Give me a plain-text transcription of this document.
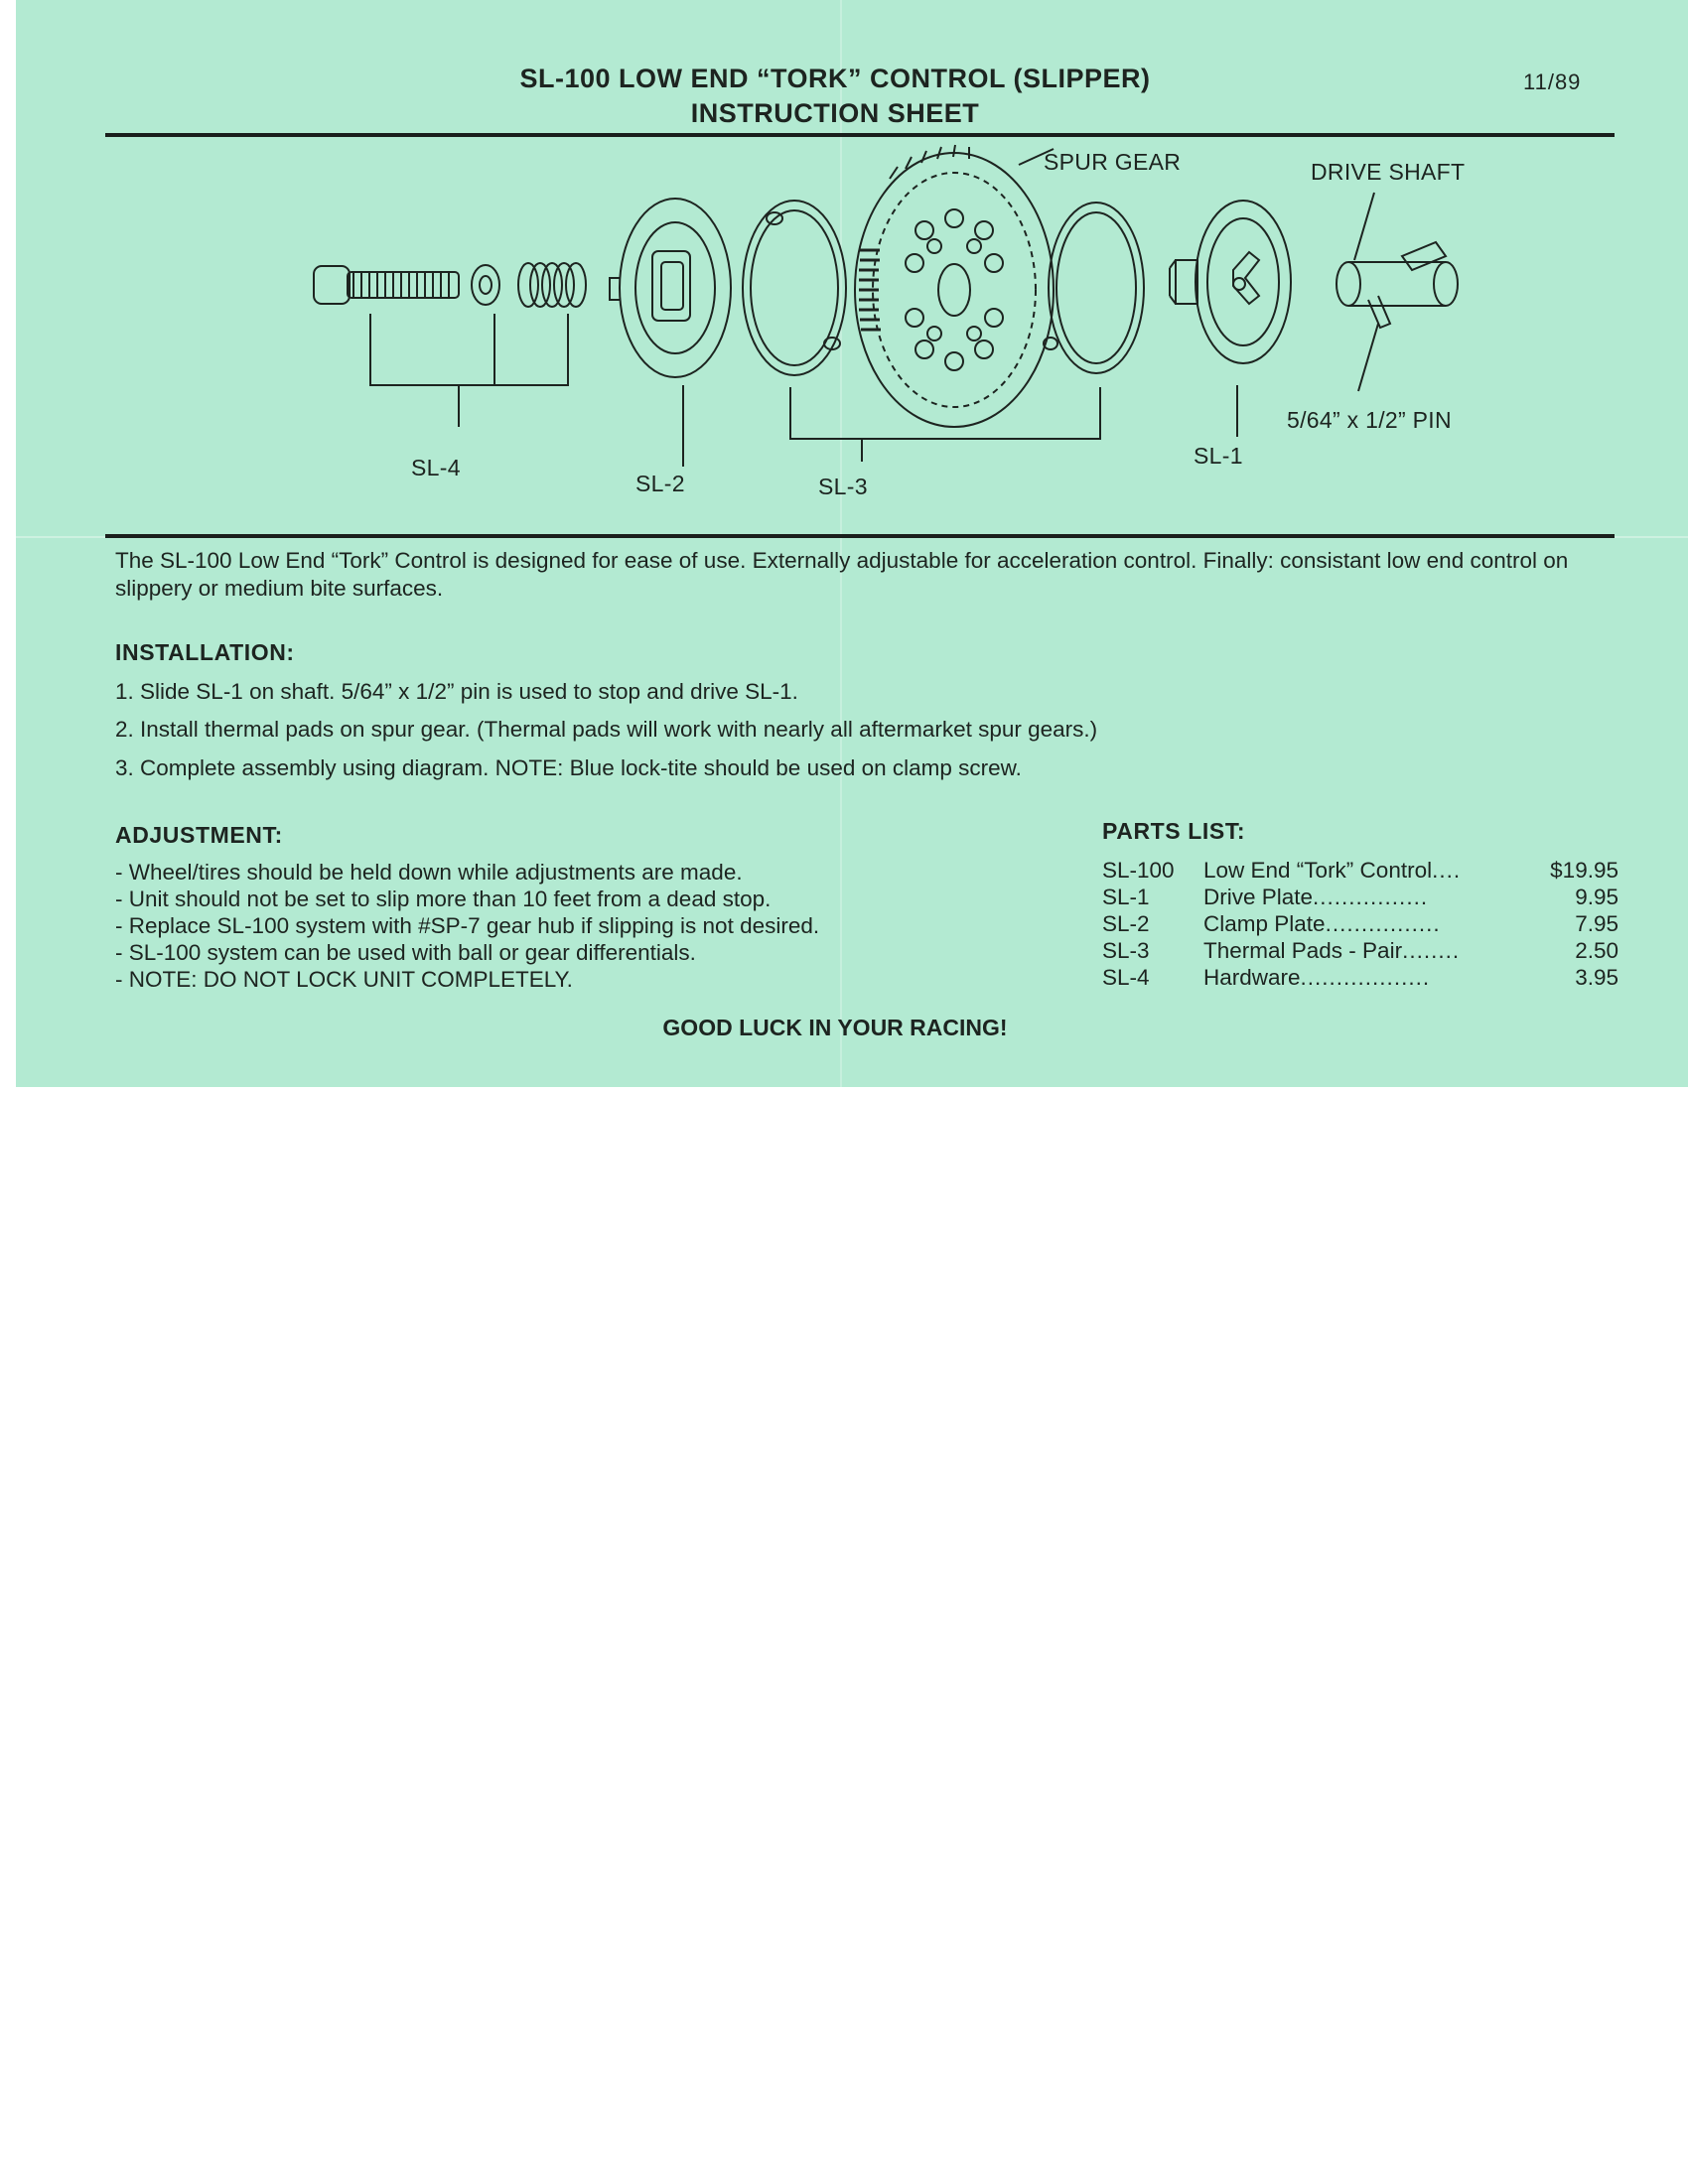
SL-100 LOW END “TORK” CONTROL (SLIPPER)
INSTRUCTION SHEET
11/89
SPUR GEAR	DRIVE SHAFT
5/64” x 1/2” PIN
SL-4
SL-2	SL-3
SL-1

The SL-100 Low End “Tork” Control is designed for ease of use. Externally adjustable for acceleration control. Finally: consistant low end control on slippery or medium bite surfaces.

INSTALLATION:
1. Slide SL-1 on shaft. 5/64” x 1/2” pin is used to stop and drive SL-1.
2. Install thermal pads on spur gear. (Thermal pads will work with nearly all aftermarket spur gears.)
3. Complete assembly using diagram. NOTE: Blue lock-tite should be used on clamp screw.
ADJUSTMENT:
- Wheel/tires should be held down while adjustments are made.
- Unit should not be set to slip more than 10 feet from a dead stop.
- Replace SL-100 system with #SP-7 gear hub if slipping is not desired.
- SL-100 system can be used with ball or gear differentials.
- NOTE: DO NOT LOCK UNIT COMPLETELY.
PARTS LIST:
SL-100 Low End “Tork” Control....	$19.95
SL-1 Drive Plate................	9.95
SL-2 Clamp Plate................	7.95
SL-3 Thermal Pads - Pair........	2.50
SL-4 Hardware..................	3.95
GOOD LUCK IN YOUR RACING!
